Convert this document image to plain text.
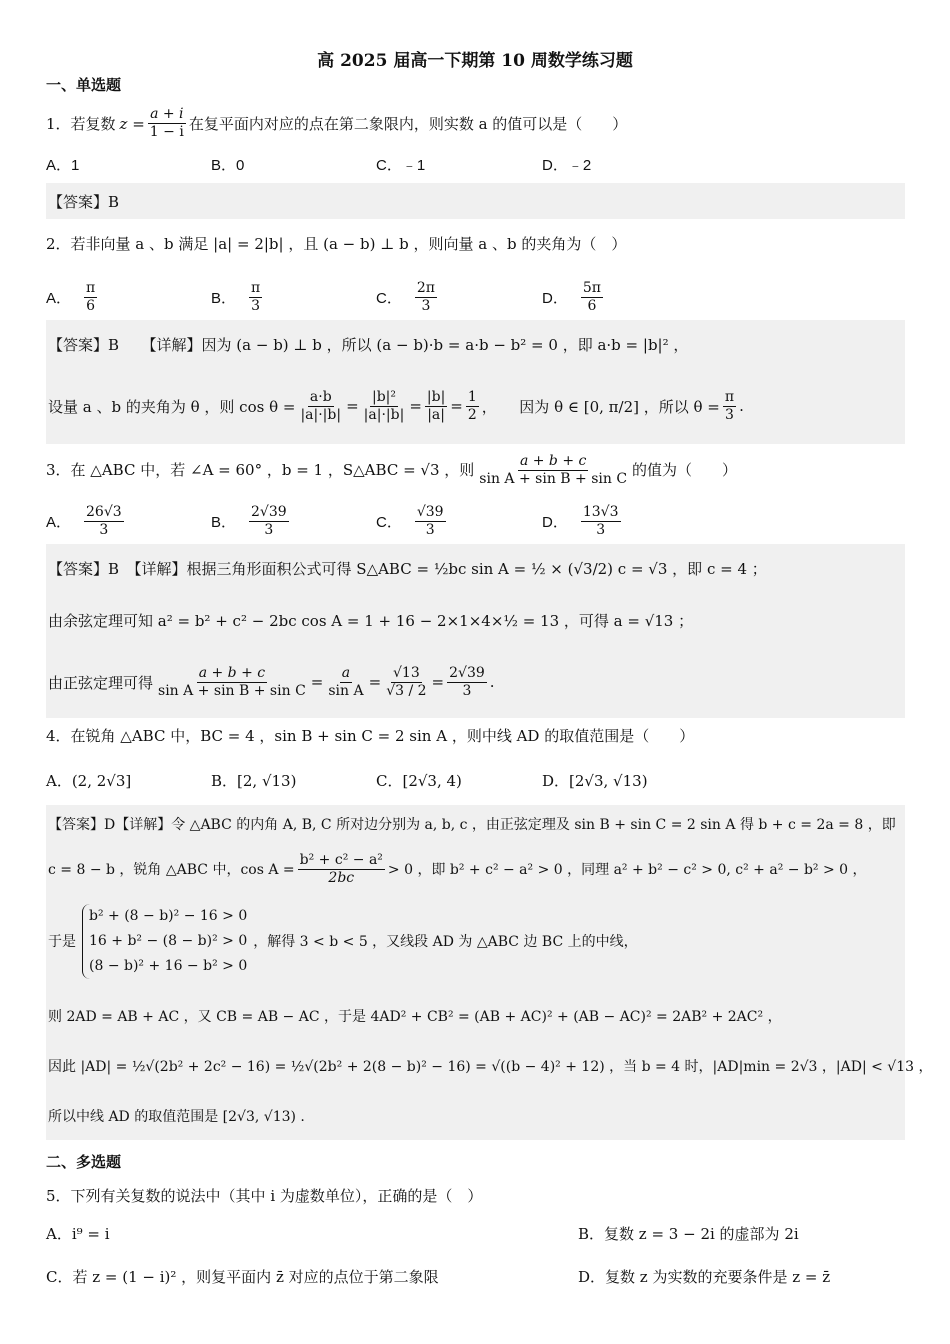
高 2025 届高一下期第 10 周数学练习题
一、单选题
1．若复数 $z = \frac{a + i}{1 - i}$ 在复平面内对应的点在第二象限内，则实数 a 的值可以是（　　）
A．1	B．0	C．﹣1	D．﹣2
【答案】B
2．若非向量 a 、b 满足 |a| = 2|b| ，且 (a − b) ⊥ b ，则向量 a 、b 的夹角为（　）
A． $\frac{\pi}{6}$	B． $\frac{\pi}{3}$	C． $\frac{2\pi}{3}$	D． $\frac{5\pi}{6}$
【答案】B　　【详解】因为 (a − b) ⊥ b ，所以 (a − b)·b = a·b − b² = 0 ，即 a·b = |b|² ，
设量 a 、b 的夹角为 θ ，则 $\cos \theta = \frac{a\cdot b}{|a|\cdot|b|} = \frac{\text{|b|²}}{|a|\cdot|b|} = \frac{|b|}{|a|} = \frac{1}{2}$ ，　　因为 θ ∈ [0, π/2] ，所以 $\theta = \frac{\pi}{3}$ .
3．在 △ABC 中，若 ∠A = 60° ，b = 1 ，S△ABC = √3 ，则 $\frac{a + b + c}{\text{sin A + sin B + sin C}}$ 的值为（　　）
A． $\frac{26√3}{3}$	B． $\frac{2√39}{3}$	C． $\frac{√39}{3}$	D． $\frac{13√3}{3}$
【答案】B　【详解】根据三角形面积公式可得 S△ABC = ½bc sin A = ½ × (√3/2) c = √3 ，即 c = 4 ；
由余弦定理可知 a² = b² + c² − 2bc cos A = 1 + 16 − 2×1×4×½ = 13 ，可得 a = √13 ；
由正弦定理可得 $\frac{a + b + c}{\text{sin A + sin B + sin C}} = \frac{a}{\text{sin A}} = \frac{√13}{√3 / 2} = \frac{2√39}{3}$ .
4．在锐角 △ABC 中，BC = 4 ，sin B + sin C = 2 sin A ，则中线 AD 的取值范围是（　　）
A．(2, 2√3]	B．[2, √13)	C．[2√3, 4)	D．[2√3, √13)
【答案】D【详解】令 △ABC 的内角 A, B, C 所对边分别为 a, b, c ，由正弦定理及 sin B + sin C = 2 sin A 得 b + c = 2a = 8 ，即
c = 8 − b ，锐角 △ABC 中，$\cos A = \frac{\text{b² + c² − a²}}{2bc} > 0$ ，即 b² + c² − a² > 0 ，同理 a² + b² − c² > 0, c² + a² − b² > 0 ，
于是
b² + (8 − b)² − 16 > 0
16 + b² − (8 − b)² > 0
(8 − b)² + 16 − b² > 0
，解得 3 < b < 5 ，又线段 AD 为 △ABC 边 BC 上的中线，
则 2AD = AB + AC ，又 CB = AB − AC ，于是 4AD² + CB² = (AB + AC)² + (AB − AC)² = 2AB² + 2AC² ，
因此 |AD| = ½√(2b² + 2c² − 16) = ½√(2b² + 2(8 − b)² − 16) = √((b − 4)² + 12) ，当 b = 4 时，|AD|min = 2√3 ，|AD| < √13 ，
所以中线 AD 的取值范围是 [2√3, √13) .
二、多选题
5．下列有关复数的说法中（其中 i 为虚数单位），正确的是（　）
A．i⁹ = i	B．复数 z = 3 − 2i 的虚部为 2i
C．若 z = (1 − i)² ，则复平面内 z̄ 对应的点位于第二象限	D．复数 z 为实数的充要条件是 z = z̄
